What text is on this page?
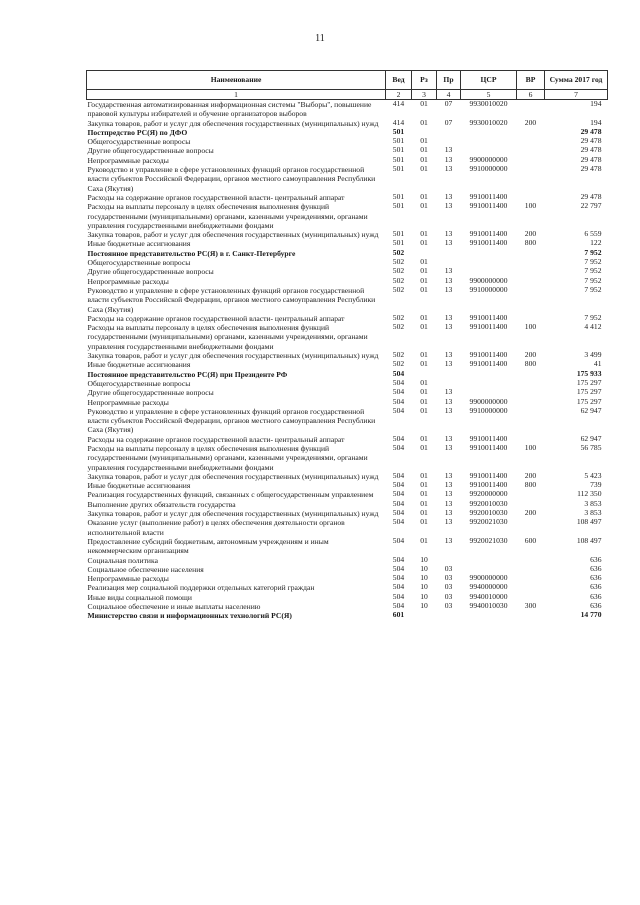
11
Наименование	Вед	Рз	Пр	ЦСР	ВР	Сумма 2017 год
1	2	3	4	5	6	7
Государственная автоматизированная информационная системы "Выборы", повышение правовой культуры избирателей и обучение организаторов выборов	414	01	07	9930010020		194
Закупка товаров, работ и услуг для обеспечения государственных (муниципальных) нужд	414	01	07	9930010020	200	194
Постпредство РС(Я) по ДФО	501					29 478
Общегосударственные вопросы	501	01				29 478
Другие общегосударственные вопросы	501	01	13			29 478
Непрограммные расходы	501	01	13	9900000000		29 478
Руководство и управление в сфере установленных функций органов государственной власти субъектов Российской Федерации, органов местного самоуправления Республики Саха (Якутия)	501	01	13	9910000000		29 478
Расходы на содержание органов государственной власти- центральный аппарат	501	01	13	9910011400		29 478
Расходы на выплаты персоналу в целях обеспечения выполнения функций государственными (муниципальными) органами, казенными учреждениями, органами управления государственными внебюджетными фондами	501	01	13	9910011400	100	22 797
Закупка товаров, работ и услуг для обеспечения государственных (муниципальных) нужд	501	01	13	9910011400	200	6 559
Иные бюджетные ассигнования	501	01	13	9910011400	800	122
Постоянное представительство РС(Я) в г. Санкт-Петербурге	502					7 952
Общегосударственные вопросы	502	01				7 952
Другие общегосударственные вопросы	502	01	13			7 952
Непрограммные расходы	502	01	13	9900000000		7 952
Руководство и управление в сфере установленных функций органов государственной власти субъектов Российской Федерации, органов местного самоуправления Республики Саха (Якутия)	502	01	13	9910000000		7 952
Расходы на содержание органов государственной власти- центральный аппарат	502	01	13	9910011400		7 952
Расходы на выплаты персоналу в целях обеспечения выполнения функций государственными (муниципальными) органами, казенными учреждениями, органами управления государственными внебюджетными фондами	502	01	13	9910011400	100	4 412
Закупка товаров, работ и услуг для обеспечения государственных (муниципальных) нужд	502	01	13	9910011400	200	3 499
Иные бюджетные ассигнования	502	01	13	9910011400	800	41
Постоянное представительство РС(Я) при Президенте РФ	504					175 933
Общегосударственные вопросы	504	01				175 297
Другие общегосударственные вопросы	504	01	13			175 297
Непрограммные расходы	504	01	13	9900000000		175 297
Руководство и управление в сфере установленных функций органов государственной власти субъектов Российской Федерации, органов местного самоуправления Республики Саха (Якутия)	504	01	13	9910000000		62 947
Расходы на содержание органов государственной власти- центральный аппарат	504	01	13	9910011400		62 947
Расходы на выплаты персоналу в целях обеспечения выполнения функций государственными (муниципальными) органами, казенными учреждениями, органами управления государственными внебюджетными фондами	504	01	13	9910011400	100	56 785
Закупка товаров, работ и услуг для обеспечения государственных (муниципальных) нужд	504	01	13	9910011400	200	5 423
Иные бюджетные ассигнования	504	01	13	9910011400	800	739
Реализация государственных функций, связанных с общегосударственным управлением	504	01	13	9920000000		112 350
Выполнение других обязательств государства	504	01	13	9920010030		3 853
Закупка товаров, работ и услуг для обеспечения государственных (муниципальных) нужд	504	01	13	9920010030	200	3 853
Оказание услуг (выполнение работ) в целях обеспечения деятельности органов исполнительной власти	504	01	13	9920021030		108 497
Предоставление субсидий бюджетным, автономным учреждениям и иным некоммерческим организациям	504	01	13	9920021030	600	108 497
Социальная политика	504	10				636
Социальное обеспечение населения	504	10	03			636
Непрограммные расходы	504	10	03	9900000000		636
Реализация мер социальной поддержки отдельных категорий граждан	504	10	03	9940000000		636
Иные виды социальной помощи	504	10	03	9940010000		636
Социальное обеспечение и иные выплаты населению	504	10	03	9940010030	300	636
Министерство связи и информационных технологий РС(Я)	601					14 770
